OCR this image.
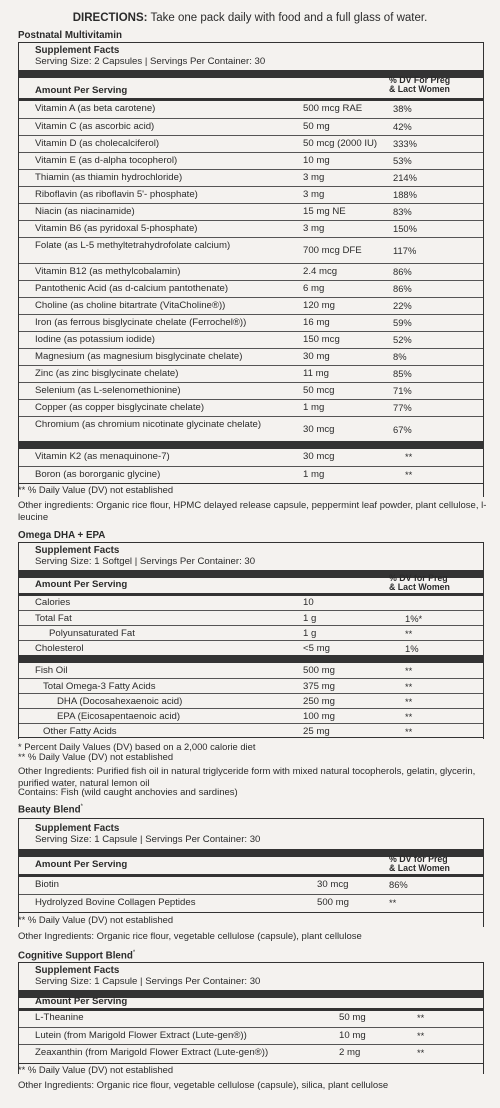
DIRECTIONS: Take one pack daily with food and a full glass of water.
Postnatal Multivitamin
Supplement Facts
Serving Size: 2 Capsules | Servings Per Container: 30
Amount Per Serving
% DV For Preg
& Lact Women
Vitamin A (as beta carotene)	500 mcg RAE	38%
Vitamin C (as ascorbic acid)	50 mg	42%
Vitamin D (as cholecalciferol)	50 mcg (2000 IU) 333%
Vitamin E (as d-alpha tocopherol)	10 mg	53%
Thiamin (as thiamin hydrochloride)	3 mg	214%
Riboflavin (as riboflavin 5'- phosphate)	3 mg	188%
Niacin (as niacinamide)	15 mg NE	83%
Vitamin B6 (as pyridoxal 5-phosphate)	3 mg	150%
Folate (as L-5 methyltetrahydrofolate calcium)	700 mcg DFE	117%
Vitamin B12 (as methylcobalamin)	2.4 mcg	86%
Pantothenic Acid (as d-calcium pantothenate)	6 mg	86%
Choline (as choline bitartrate (VitaCholine®))	120 mg	22%
Iron (as ferrous bisglycinate chelate (Ferrochel®))	16 mg	59%
Iodine (as potassium iodide)	150 mcg	52%
Magnesium (as magnesium bisglycinate chelate)	30 mg	8%
Zinc (as zinc bisglycinate chelate)	11 mg	85%
Selenium (as L-selenomethionine)	50 mcg	71%
Copper (as copper bisglycinate chelate)	1 mg	77%
Chromium (as chromium nicotinate glycinate chelate)	30 mcg	67%
Vitamin K2 (as menaquinone-7)	30 mcg	**
Boron (as bororganic glycine)	1 mg	**
** % Daily Value (DV) not established
Other ingredients: Organic rice flour, HPMC delayed release capsule, peppermint leaf powder, plant cellulose, l-leucine
Omega DHA + EPA
Supplement Facts
Serving Size: 1 Softgel | Servings Per Container: 30
Amount Per Serving
% DV for Preg
& Lact Women
Calories	10
Total Fat	1 g	1%*
Polyunsaturated Fat	1 g	**
Cholesterol	<5 mg	1%
Fish Oil	500 mg	**
Total Omega-3 Fatty Acids	375 mg	**
DHA (Docosahexaenoic acid)	250 mg	**
EPA (Eicosapentaenoic acid)	100 mg	**
Other Fatty Acids	25 mg	**
* Percent Daily Values (DV) based on a 2,000 calorie diet
** % Daily Value (DV) not established
Other Ingredients: Purified fish oil in natural triglyceride form with mixed natural tocopherols, gelatin, glycerin, purified water, natural lemon oil
Contains: Fish (wild caught anchovies and sardines)
Beauty Blend*
Supplement Facts
Serving Size: 1 Capsule | Servings Per Container: 30
Amount Per Serving	% DV for Preg
& Lact Women
Biotin	30 mcg	86%
Hydrolyzed Bovine Collagen Peptides	500 mg	**
** % Daily Value (DV) not established
Other Ingredients: Organic rice flour, vegetable cellulose (capsule), plant cellulose
Cognitive Support Blend*
Supplement Facts
Serving Size: 1 Capsule | Servings Per Container: 30
Amount Per Serving
L-Theanine	50 mg	**
Lutein (from Marigold Flower Extract (Lute-gen®))	10 mg	**
Zeaxanthin (from Marigold Flower Extract (Lute-gen®))	2 mg	**
** % Daily Value (DV) not established
Other Ingredients: Organic rice flour, vegetable cellulose (capsule), silica, plant cellulose
